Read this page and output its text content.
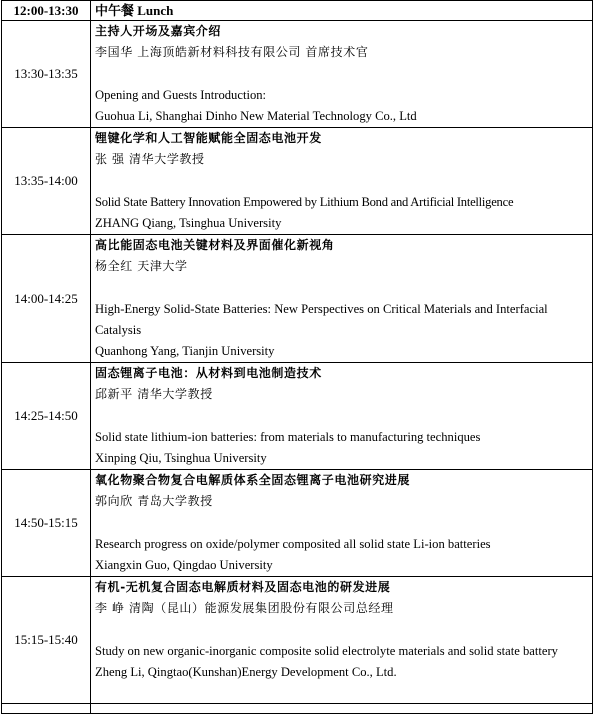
12:00-13:30	中午餐 Lunch
13:30-13:35	主持人开场及嘉宾介绍
李国华 上海顶皓新材料科技有限公司 首席技术官
Opening and Guests Introduction:
Guohua Li, Shanghai Dinho New Material Technology Co., Ltd

13:35-14:00	锂键化学和人工智能赋能全固态电池开发
张 强 清华大学教授
Solid State Battery Innovation Empowered by Lithium Bond and Artificial Intelligence
ZHANG Qiang, Tsinghua University

14:00-14:25	高比能固态电池关键材料及界面催化新视角
杨全红 天津大学
High-Energy Solid-State Batteries: New Perspectives on Critical Materials and Interfacial Catalysis
Quanhong Yang, Tianjin University

14:25-14:50	固态锂离子电池：从材料到电池制造技术
邱新平 清华大学教授
Solid state lithium-ion batteries: from materials to manufacturing techniques
Xinping Qiu, Tsinghua University

14:50-15:15	氧化物聚合物复合电解质体系全固态锂离子电池研究进展
郭向欣 青岛大学教授
Research progress on oxide/polymer composited all solid state Li-ion batteries
Xiangxin Guo, Qingdao University

15:15-15:40	有机-无机复合固态电解质材料及固态电池的研发进展
李 峥 清陶（昆山）能源发展集团股份有限公司总经理
Study on new organic-inorganic composite solid electrolyte materials and solid state battery
Zheng Li, Qingtao(Kunshan)Energy Development Co., Ltd.
